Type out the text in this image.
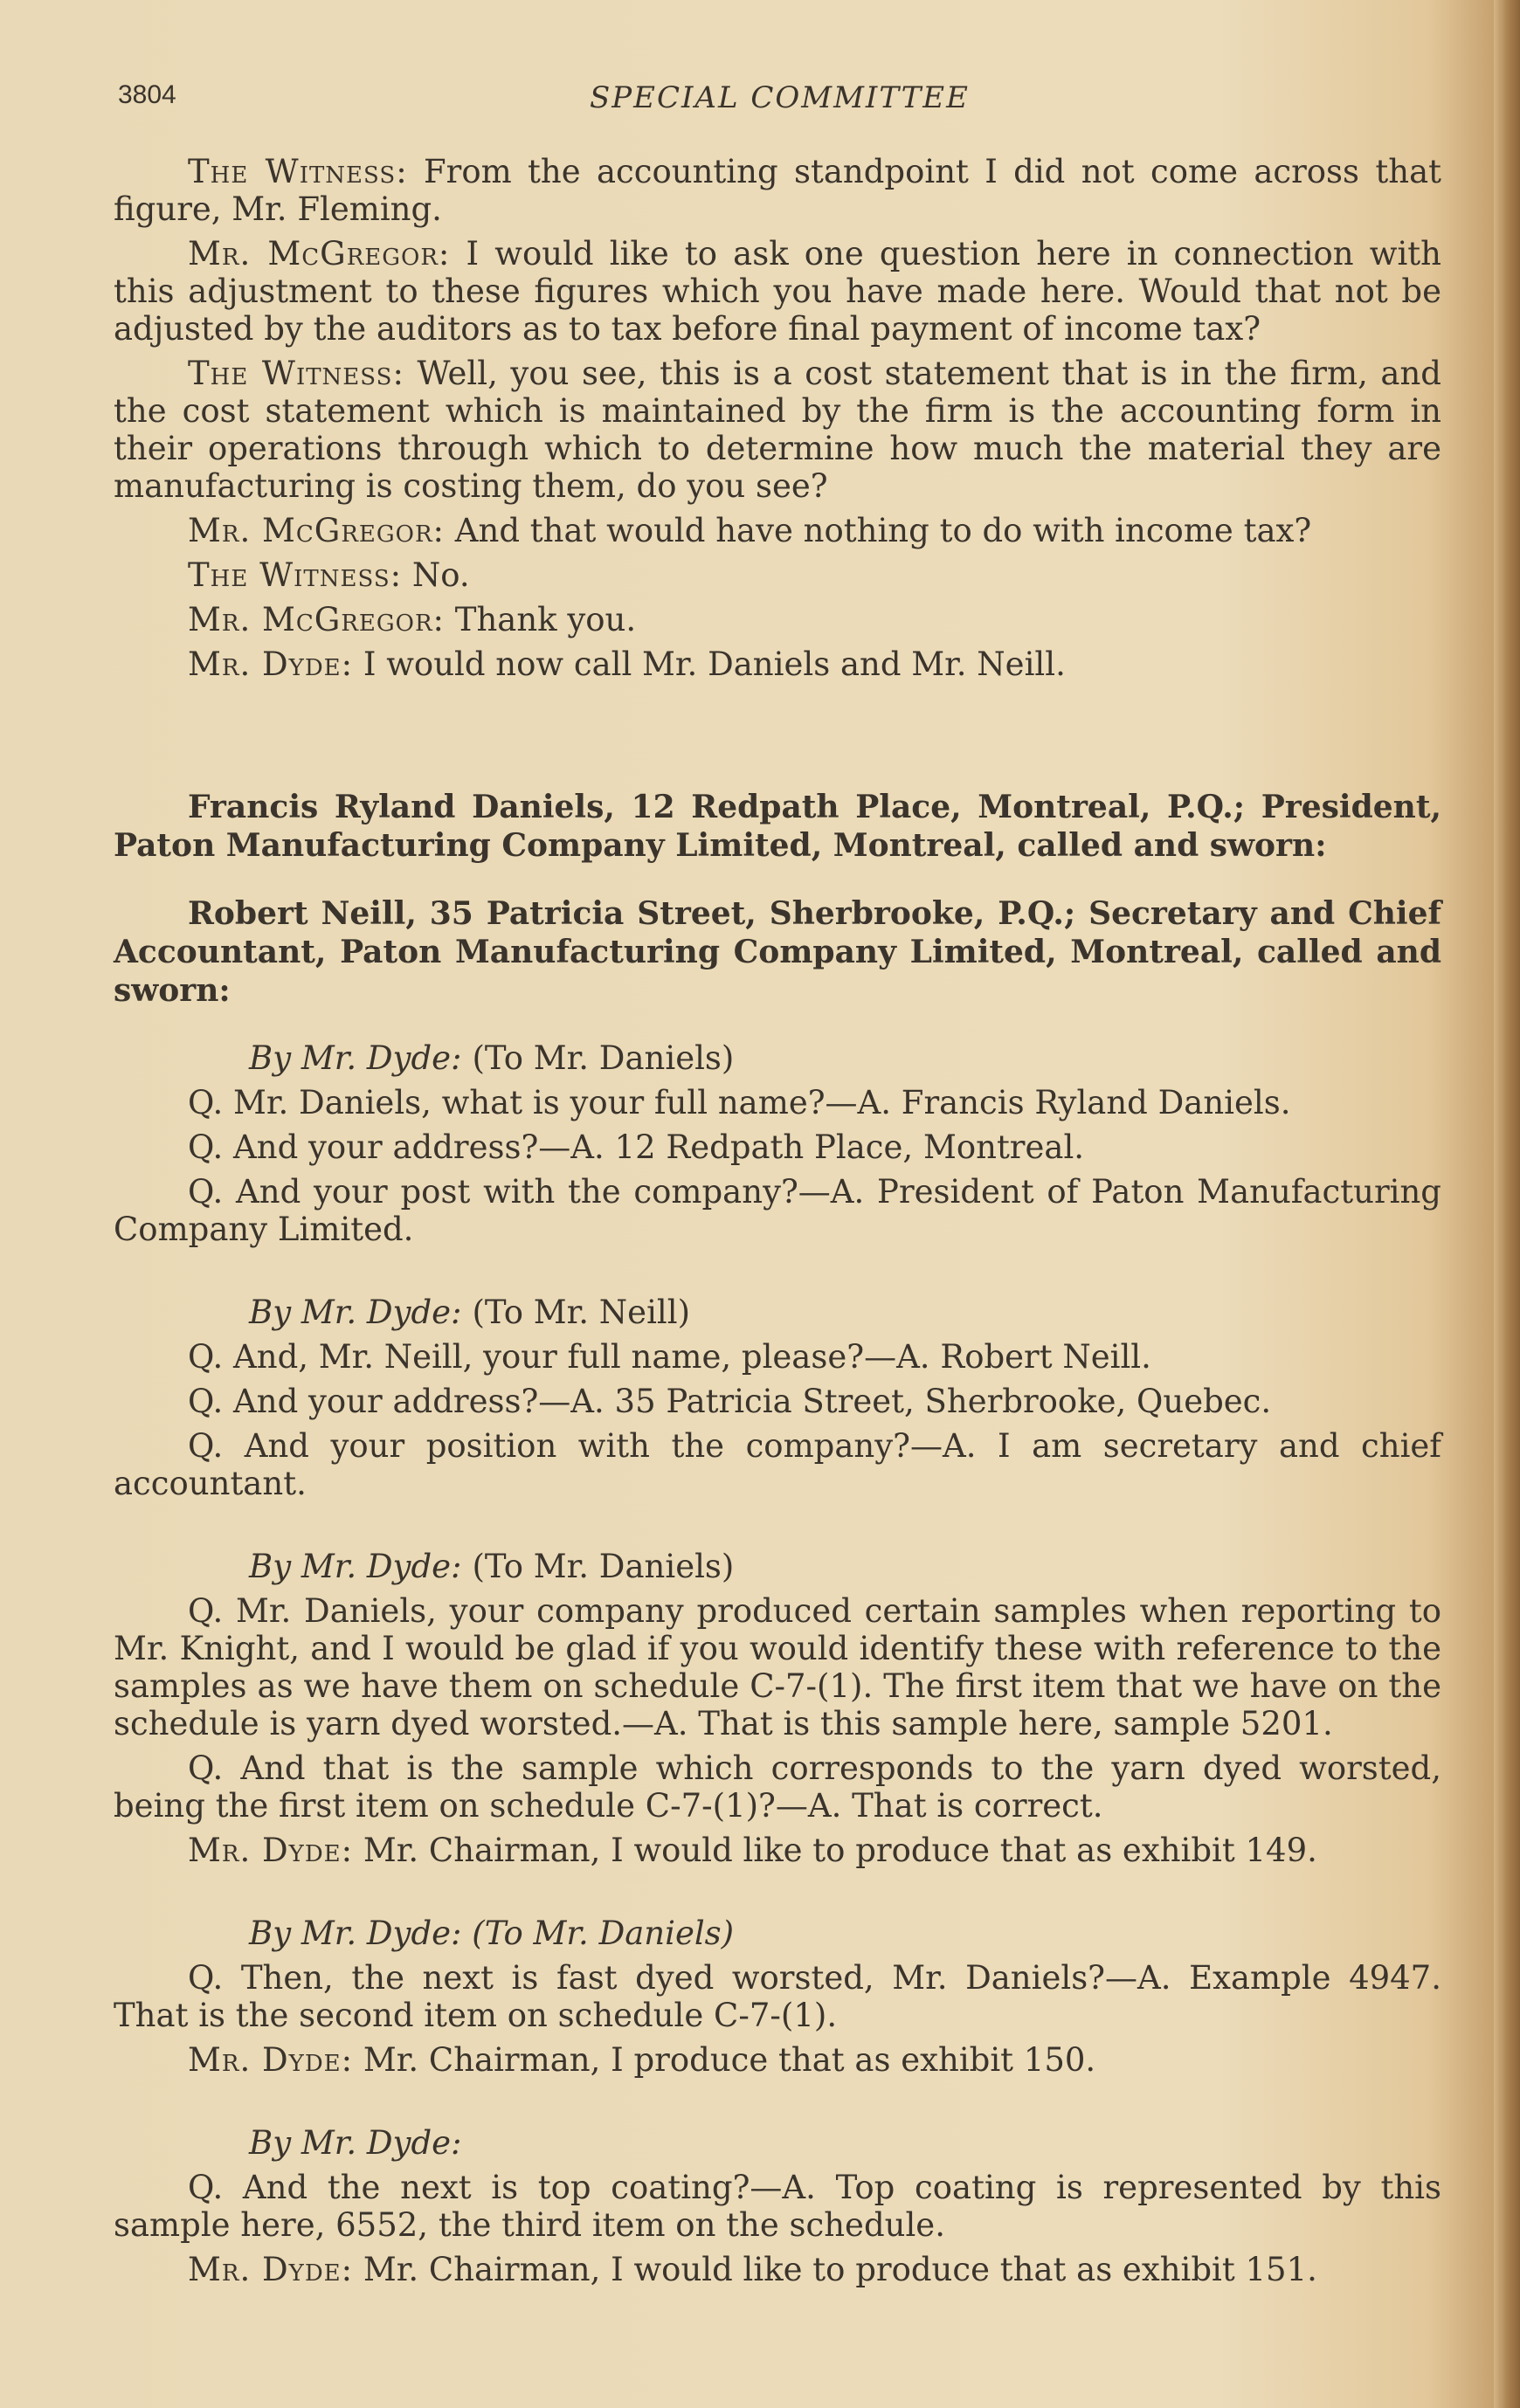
3804	SPECIAL COMMITTEE

The Witness: From the accounting standpoint I did not come across that figure, Mr. Fleming.

Mr. McGregor: I would like to ask one question here in connection with this adjustment to these figures which you have made here. Would that not be adjusted by the auditors as to tax before final payment of income tax?

The Witness: Well, you see, this is a cost statement that is in the firm, and the cost statement which is maintained by the firm is the accounting form in their operations through which to determine how much the material they are manufacturing is costing them, do you see?

Mr. McGregor: And that would have nothing to do with income tax?

The Witness: No.

Mr. McGregor: Thank you.

Mr. Dyde: I would now call Mr. Daniels and Mr. Neill.

Francis Ryland Daniels, 12 Redpath Place, Montreal, P.Q.; President, Paton Manufacturing Company Limited, Montreal, called and sworn:

Robert Neill, 35 Patricia Street, Sherbrooke, P.Q.; Secretary and Chief Accountant, Paton Manufacturing Company Limited, Montreal, called and sworn:

By Mr. Dyde: (To Mr. Daniels)

Q. Mr. Daniels, what is your full name?—A. Francis Ryland Daniels.

Q. And your address?—A. 12 Redpath Place, Montreal.

Q. And your post with the company?—A. President of Paton Manufacturing Company Limited.

By Mr. Dyde: (To Mr. Neill)

Q. And, Mr. Neill, your full name, please?—A. Robert Neill.

Q. And your address?—A. 35 Patricia Street, Sherbrooke, Quebec.

Q. And your position with the company?—A. I am secretary and chief accountant.

By Mr. Dyde: (To Mr. Daniels)

Q. Mr. Daniels, your company produced certain samples when reporting to Mr. Knight, and I would be glad if you would identify these with reference to the samples as we have them on schedule C-7-(1). The first item that we have on the schedule is yarn dyed worsted.—A. That is this sample here, sample 5201.

Q. And that is the sample which corresponds to the yarn dyed worsted, being the first item on schedule C-7-(1)?—A. That is correct.

Mr. Dyde: Mr. Chairman, I would like to produce that as exhibit 149.

By Mr. Dyde: (To Mr. Daniels)

Q. Then, the next is fast dyed worsted, Mr. Daniels?—A. Example 4947. That is the second item on schedule C-7-(1).

Mr. Dyde: Mr. Chairman, I produce that as exhibit 150.

By Mr. Dyde:

Q. And the next is top coating?—A. Top coating is represented by this sample here, 6552, the third item on the schedule.

Mr. Dyde: Mr. Chairman, I would like to produce that as exhibit 151.
